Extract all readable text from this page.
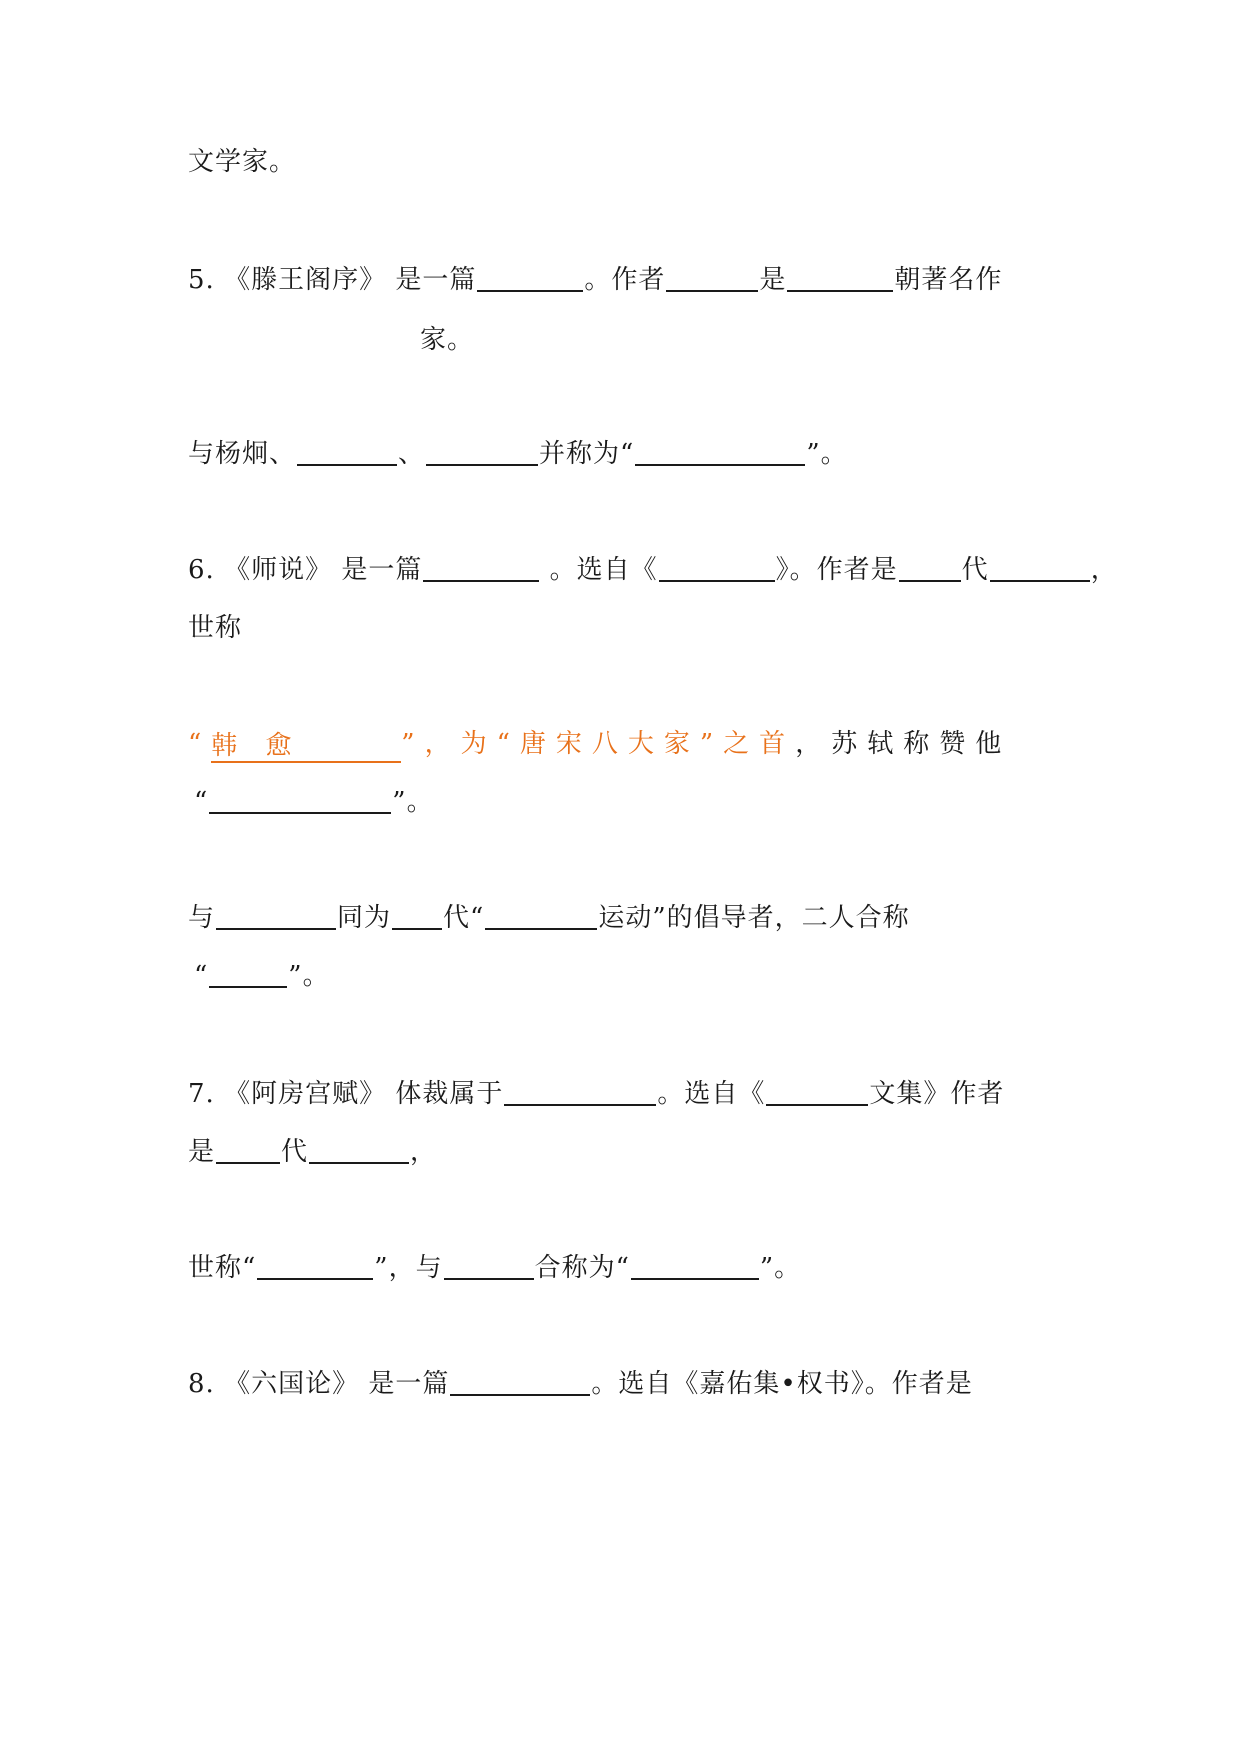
文学家。
5. 《滕王阁序》 是一篇	。作者	是	朝著名作
家。
与杨炯、	、	并称为“	”。
6. 《师说》 是一篇	。选自《	》。作者是 代	，
世称
“韩 愈	”，为“唐宋八大家”之首，苏轼称赞他
“	”。
与	同为 代“	运动”的倡导者，二人合称
“	”。
7. 《阿房宫赋》 体裁属于	。选自《	文集》作者
是	代	，
世称“	”，与	合称为“	”。
8. 《六国论》 是一篇	。选自《嘉佑集•权书》。作者是
